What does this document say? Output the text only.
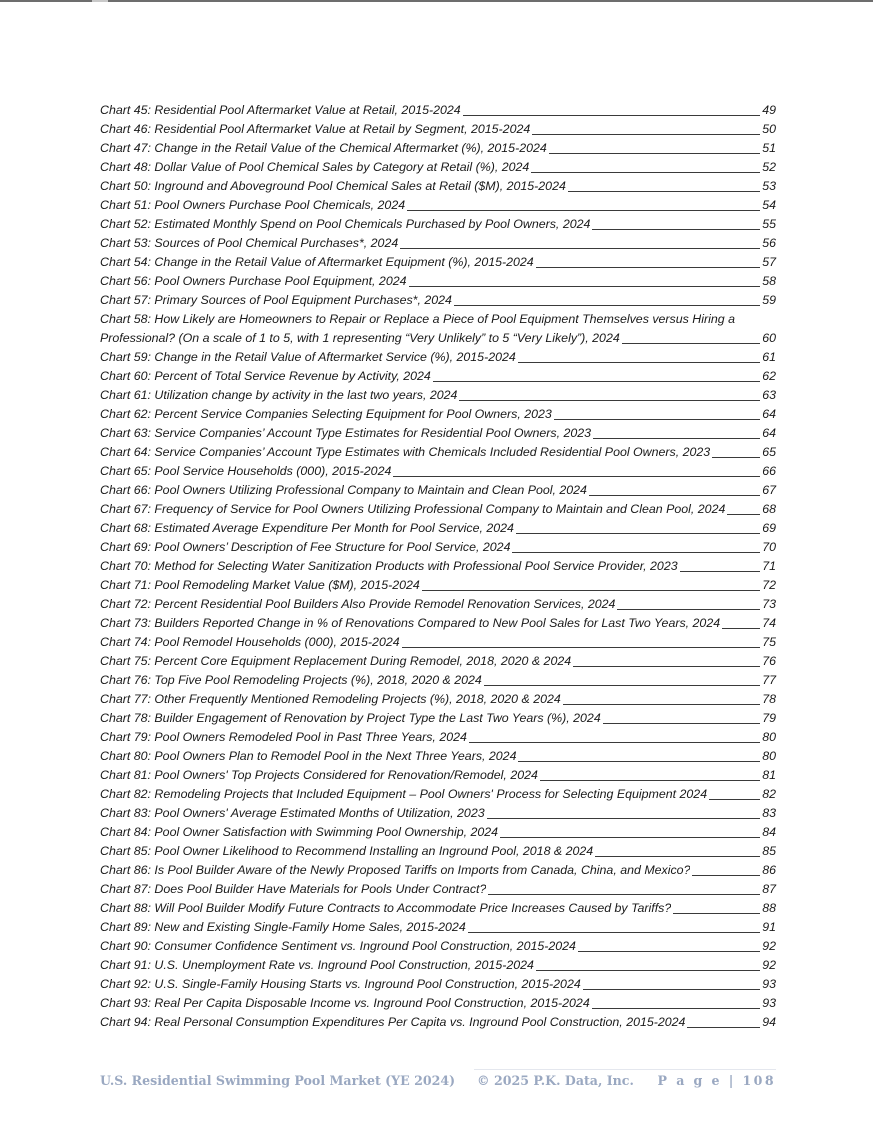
Chart 45: Residential Pool Aftermarket Value at Retail, 2015-2024	49
Chart 46: Residential Pool Aftermarket Value at Retail by Segment, 2015-2024	50
Chart 47: Change in the Retail Value of the Chemical Aftermarket (%), 2015-2024	51
Chart 48: Dollar Value of Pool Chemical Sales by Category at Retail (%), 2024	52
Chart 50: Inground and Aboveground Pool Chemical Sales at Retail ($M), 2015-2024	53
Chart 51: Pool Owners Purchase Pool Chemicals, 2024	54
Chart 52: Estimated Monthly Spend on Pool Chemicals Purchased by Pool Owners, 2024	55
Chart 53: Sources of Pool Chemical Purchases*, 2024	56
Chart 54: Change in the Retail Value of Aftermarket Equipment (%), 2015-2024	57
Chart 56: Pool Owners Purchase Pool Equipment, 2024	58
Chart 57: Primary Sources of Pool Equipment Purchases*, 2024	59
Chart 58: How Likely are Homeowners to Repair or Replace a Piece of Pool Equipment Themselves versus Hiring a
Professional? (On a scale of 1 to 5, with 1 representing “Very Unlikely” to 5 “Very Likely”), 2024	60
Chart 59: Change in the Retail Value of Aftermarket Service (%), 2015-2024	61
Chart 60: Percent of Total Service Revenue by Activity, 2024	62
Chart 61: Utilization change by activity in the last two years, 2024	63
Chart 62: Percent Service Companies Selecting Equipment for Pool Owners, 2023	64
Chart 63: Service Companies’ Account Type Estimates for Residential Pool Owners, 2023	64
Chart 64: Service Companies’ Account Type Estimates with Chemicals Included Residential Pool Owners, 2023	65
Chart 65: Pool Service Households (000), 2015-2024	66
Chart 66: Pool Owners Utilizing Professional Company to Maintain and Clean Pool, 2024	67
Chart 67: Frequency of Service for Pool Owners Utilizing Professional Company to Maintain and Clean Pool, 2024	68
Chart 68: Estimated Average Expenditure Per Month for Pool Service, 2024	69
Chart 69: Pool Owners’ Description of Fee Structure for Pool Service, 2024	70
Chart 70: Method for Selecting Water Sanitization Products with Professional Pool Service Provider, 2023	71
Chart 71: Pool Remodeling Market Value ($M), 2015-2024	72
Chart 72: Percent Residential Pool Builders Also Provide Remodel Renovation Services, 2024	73
Chart 73: Builders Reported Change in % of Renovations Compared to New Pool Sales for Last Two Years, 2024	74
Chart 74: Pool Remodel Households (000), 2015-2024	75
Chart 75: Percent Core Equipment Replacement During Remodel, 2018, 2020 & 2024	76
Chart 76: Top Five Pool Remodeling Projects (%), 2018, 2020 & 2024	77
Chart 77: Other Frequently Mentioned Remodeling Projects (%), 2018, 2020 & 2024	78
Chart 78: Builder Engagement of Renovation by Project Type the Last Two Years (%), 2024	79
Chart 79: Pool Owners Remodeled Pool in Past Three Years, 2024	80
Chart 80: Pool Owners Plan to Remodel Pool in the Next Three Years, 2024	80
Chart 81: Pool Owners' Top Projects Considered for Renovation/Remodel, 2024	81
Chart 82: Remodeling Projects that Included Equipment – Pool Owners' Process for Selecting Equipment 2024	82
Chart 83: Pool Owners' Average Estimated Months of Utilization, 2023	83
Chart 84: Pool Owner Satisfaction with Swimming Pool Ownership, 2024	84
Chart 85: Pool Owner Likelihood to Recommend Installing an Inground Pool, 2018 & 2024	85
Chart 86: Is Pool Builder Aware of the Newly Proposed Tariffs on Imports from Canada, China, and Mexico?	86
Chart 87: Does Pool Builder Have Materials for Pools Under Contract?	87
Chart 88: Will Pool Builder Modify Future Contracts to Accommodate Price Increases Caused by Tariffs?	88
Chart 89: New and Existing Single-Family Home Sales, 2015-2024	91
Chart 90: Consumer Confidence Sentiment vs. Inground Pool Construction, 2015-2024	92
Chart 91: U.S. Unemployment Rate vs. Inground Pool Construction, 2015-2024	92
Chart 92: U.S. Single-Family Housing Starts vs. Inground Pool Construction, 2015-2024	93
Chart 93: Real Per Capita Disposable Income vs. Inground Pool Construction, 2015-2024	93
Chart 94: Real Personal Consumption Expenditures Per Capita vs. Inground Pool Construction, 2015-2024	94
U.S. Residential Swimming Pool Market (YE 2024) © 2025 P.K. Data, Inc. P a g e | 108
